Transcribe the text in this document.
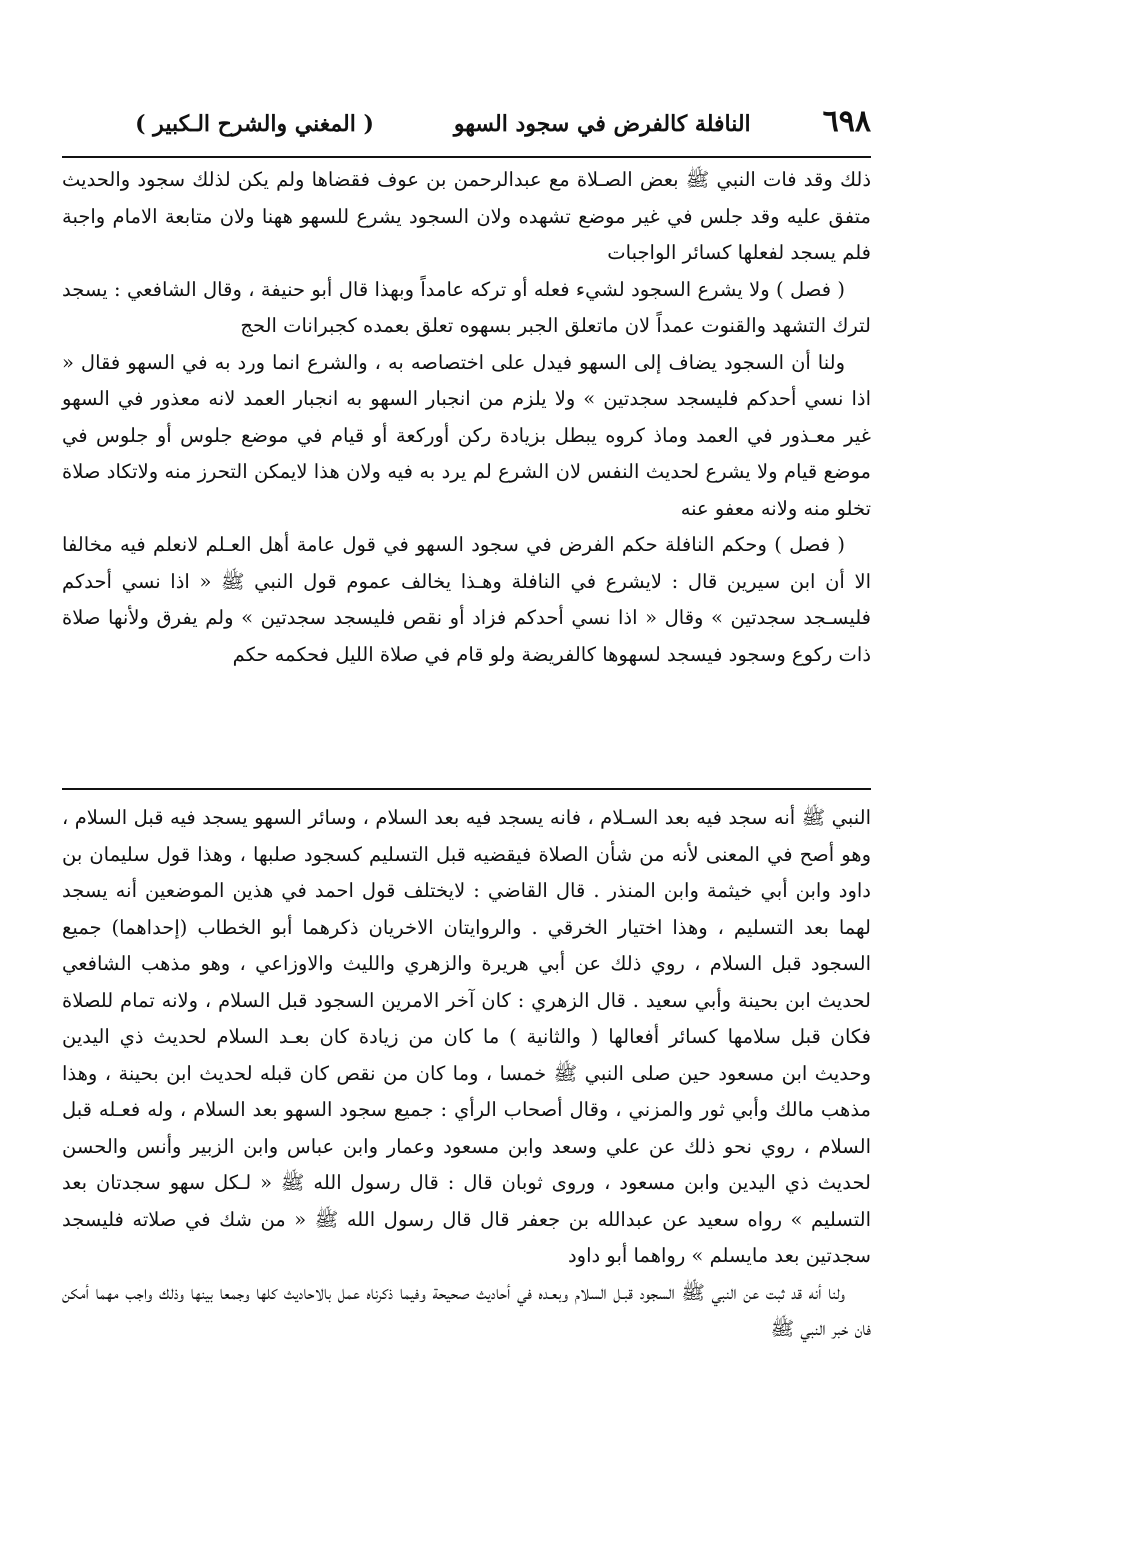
٦٩٨
النافلة كالفرض في سجود السهو
( المغني والشرح الـكبير )

ذلك وقد فات النبي ﷺ بعض الصـلاة مع عبدالرحمن بن عوف فقضاها ولم يكن لذلك سجود والحديث متفق عليه وقد جلس في غير موضع تشهده ولان السجود يشرع للسهو ههنا ولان متابعة الامام واجبة فلم يسجد لفعلها كسائر الواجبات

( فصل ) ولا يشرع السجود لشيء فعله أو تركه عامداً وبهذا قال أبو حنيفة ، وقال الشافعي : يسجد لترك التشهد والقنوت عمداً لان ماتعلق الجبر بسهوه تعلق بعمده كجبرانات الحج

ولنا أن السجود يضاف إلى السهو فيدل على اختصاصه به ، والشرع انما ورد به في السهو فقال « اذا نسي أحدكم فليسجد سجدتين » ولا يلزم من انجبار السهو به انجبار العمد لانه معذور في السهو غير معـذور في العمد وماذ كروه يبطل بزيادة ركن أوركعة أو قيام في موضع جلوس أو جلوس في موضع قيام ولا يشرع لحديث النفس لان الشرع لم يرد به فيه ولان هذا لايمكن التحرز منه ولاتكاد صلاة تخلو منه ولانه معفو عنه

( فصل ) وحكم النافلة حكم الفرض في سجود السهو في قول عامة أهل العـلم لانعلم فيه مخالفا الا أن ابن سيرين قال : لايشرع في النافلة وهـذا يخالف عموم قول النبي ﷺ « اذا نسي أحدكم فليسـجد سجدتين » وقال « اذا نسي أحدكم فزاد أو نقص فليسجد سجدتين » ولم يفرق ولأنها صلاة ذات ركوع وسجود فيسجد لسهوها كالفريضة ولو قام في صلاة الليل فحكمه حكم

النبي ﷺ أنه سجد فيه بعد السـلام ، فانه يسجد فيه بعد السلام ، وسائر السهو يسجد فيه قبل السلام ، وهو أصح في المعنى لأنه من شأن الصلاة فيقضيه قبل التسليم كسجود صلبها ، وهذا قول سليمان بن داود وابن أبي خيثمة وابن المنذر . قال القاضي : لايختلف قول احمد في هذين الموضعين أنه يسجد لهما بعد التسليم ، وهذا اختيار الخرقي . والروايتان الاخريان ذكرهما أبو الخطاب (إحداهما) جميع السجود قبل السلام ، روي ذلك عن أبي هريرة والزهري والليث والاوزاعي ، وهو مذهب الشافعي لحديث ابن بحينة وأبي سعيد . قال الزهري : كان آخر الامرين السجود قبل السلام ، ولانه تمام للصلاة فكان قبل سلامها كسائر أفعالها ( والثانية ) ما كان من زيادة كان بعـد السلام لحديث ذي اليدين وحديث ابن مسعود حين صلى النبي ﷺ خمسا ، وما كان من نقص كان قبله لحديث ابن بحينة ، وهذا مذهب مالك وأبي ثور والمزني ، وقال أصحاب الرأي : جميع سجود السهو بعد السلام ، وله فعـله قبل السلام ، روي نحو ذلك عن علي وسعد وابن مسعود وعمار وابن عباس وابن الزبير وأنس والحسن لحديث ذي اليدين وابن مسعود ، وروى ثوبان قال : قال رسول الله ﷺ « لـكل سهو سجدتان بعد التسليم » رواه سعيد عن عبدالله بن جعفر قال قال رسول الله ﷺ « من شك في صلاته فليسجد سجدتين بعد مايسلم » رواهما أبو داود

ولنا أنه قد ثبت عن النبي ﷺ السجود قبـل السلام وبعـده في أحاديث صحيحة وفيما ذكرناه عمل بالاحاديث كلها وجمعا بينها وذلك واجب مهما أمكن فان خبر النبي ﷺ
